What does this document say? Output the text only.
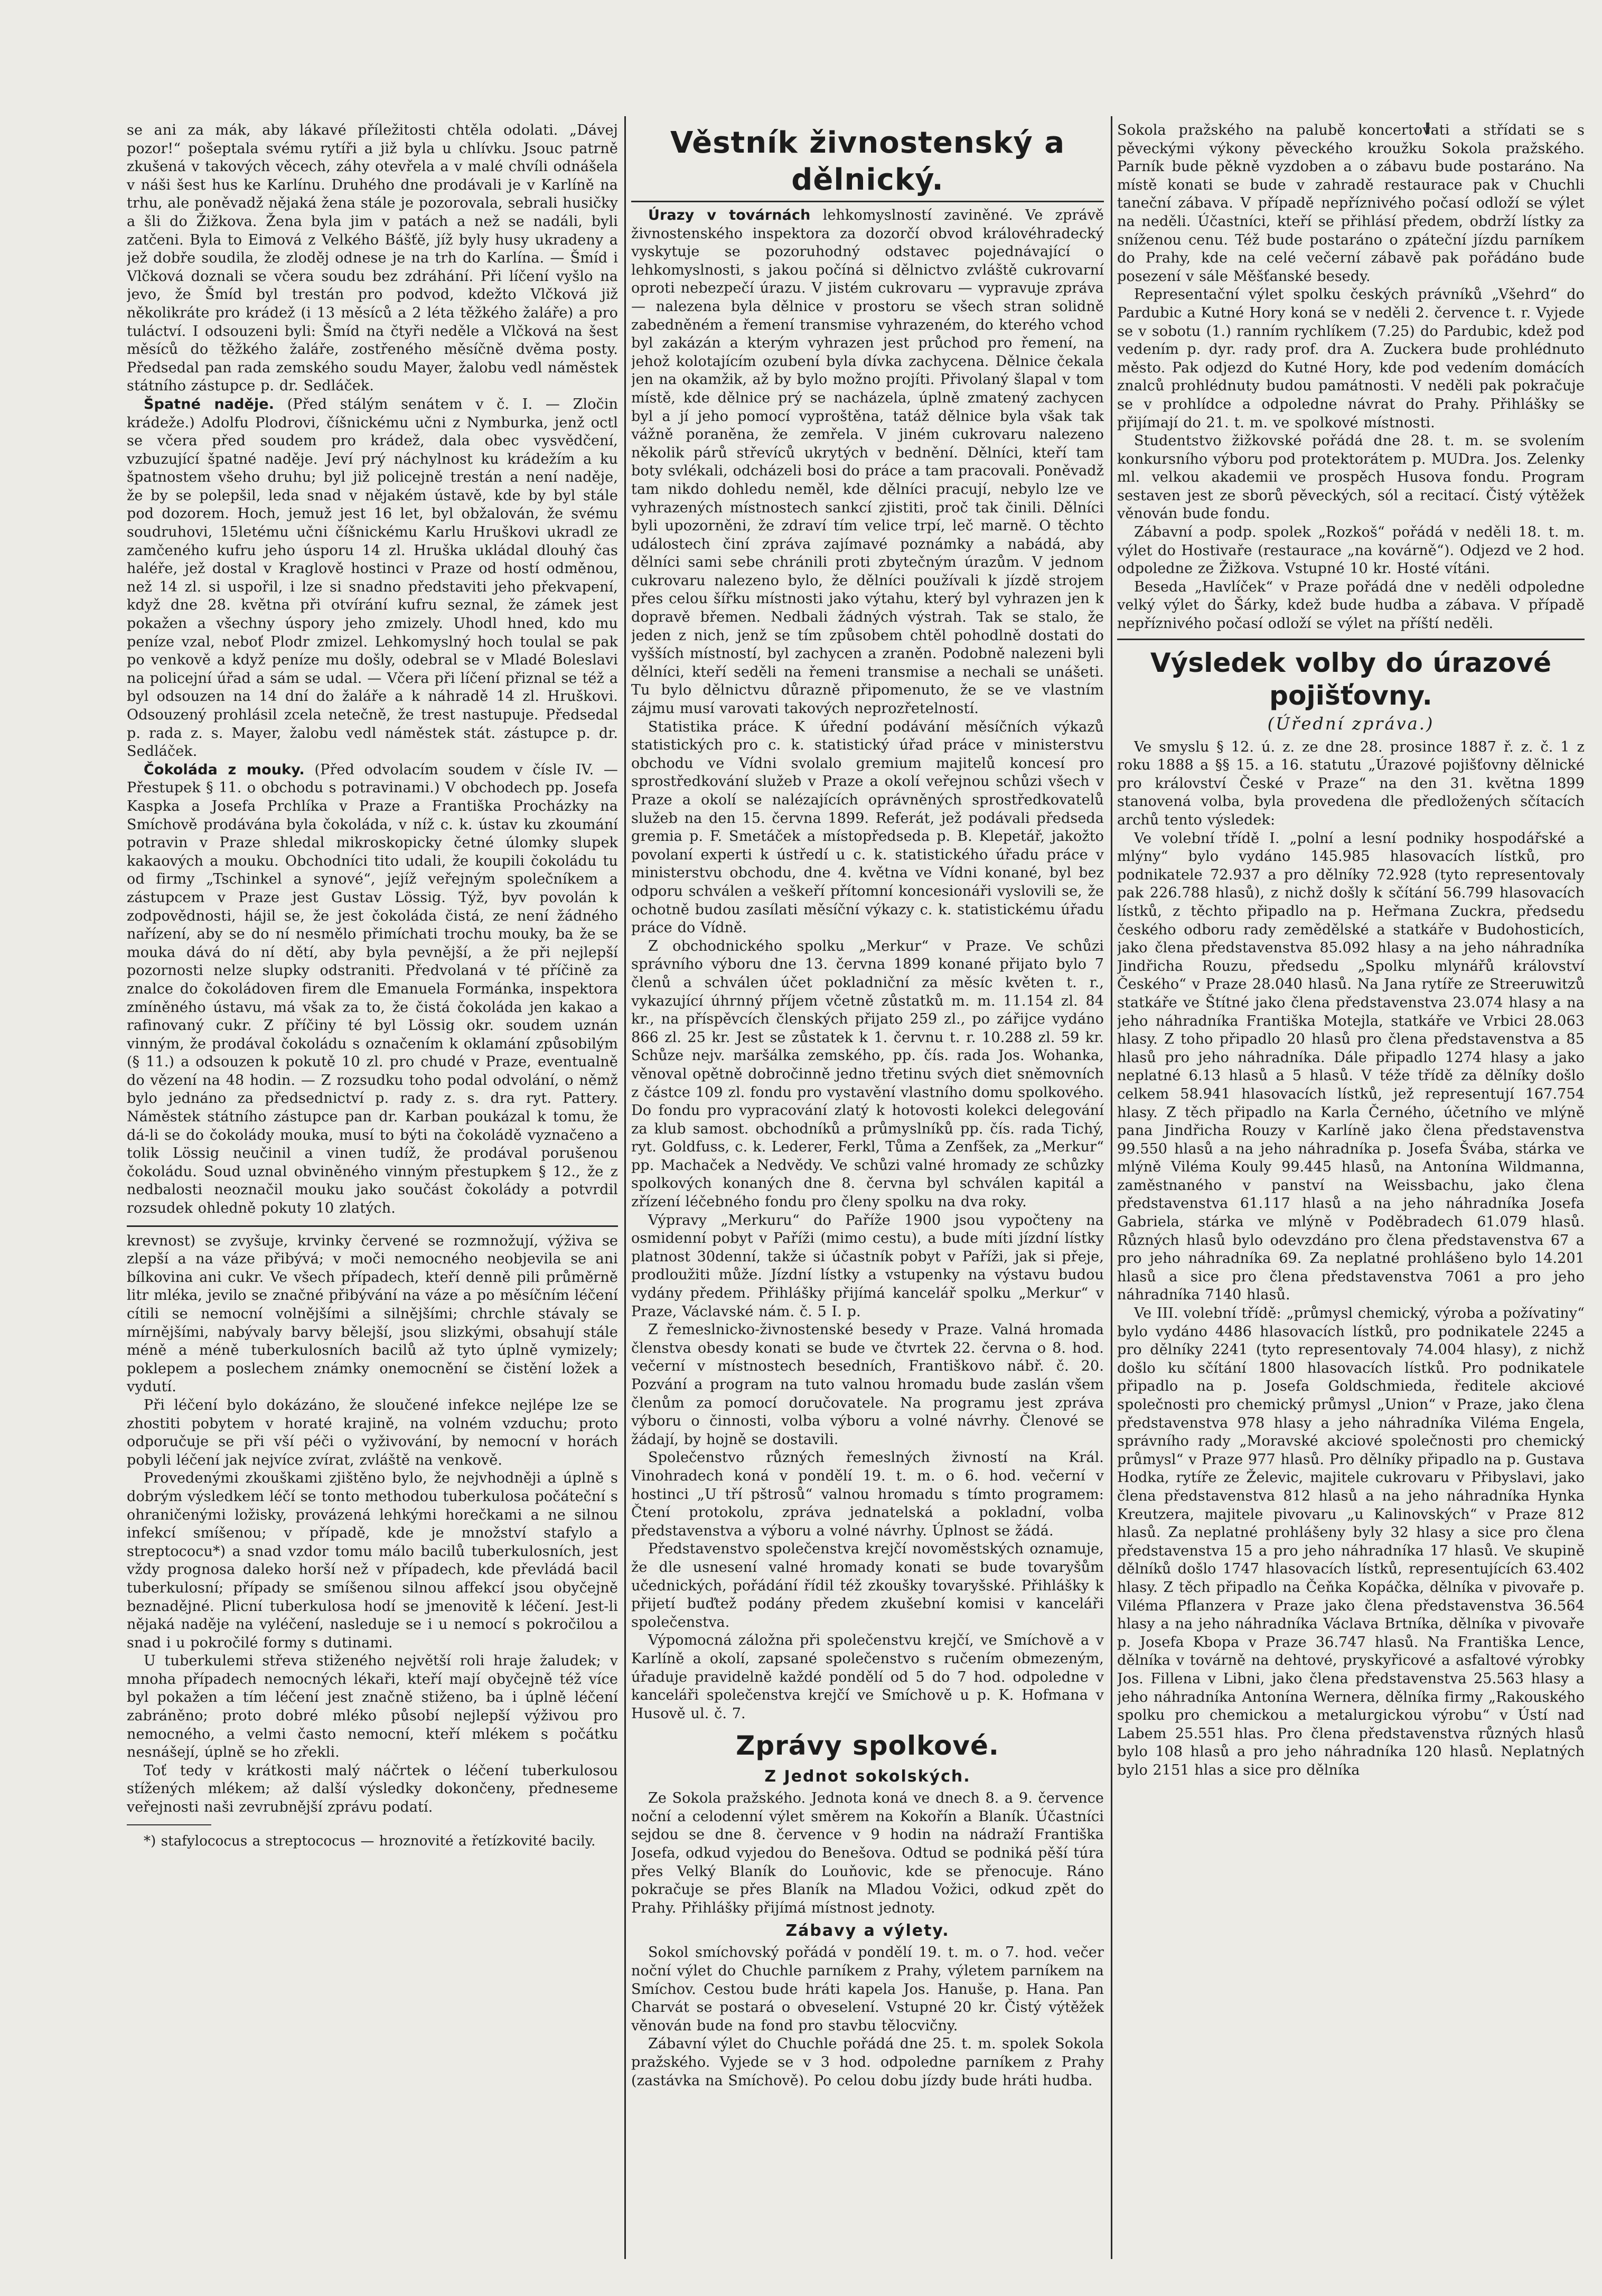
se ani za mák, aby lákavé příležitosti chtěla odolati. „Dávej pozor!“ pošeptala svému rytíři a již byla u chlívku. Jsouc patrně zkušená v takových věcech, záhy otevřela a v malé chvíli odnášela v náši šest hus ke Karlínu. Druhého dne prodávali je v Karlíně na trhu, ale poněvadž nějaká žena stále je pozorovala, sebrali husičky a šli do Žižkova. Žena byla jim v patách a než se nadáli, byli zatčeni. Byla to Eimová z Velkého Bášťě, jíž byly husy ukradeny a jež dobře soudila, že zloděj odnese je na trh do Karlína. — Šmíd i Vlčková doznali se včera soudu bez zdráhání. Při líčení vyšlo na jevo, že Šmíd byl trestán pro podvod, kdežto Vlčková již několikráte pro krádež (i 13 měsíců a 2 léta těžkého žaláře) a pro tuláctví. I odsouzeni byli: Šmíd na čtyři neděle a Vlčková na šest měsíců do těžkého žaláře, zostřeného měsíčně dvěma posty. Předsedal pan rada zemského soudu Mayer, žalobu vedl náměstek státního zástupce p. dr. Sedláček.

Špatné naděje. (Před stálým senátem v č. I. — Zločin krádeže.) Adolfu Plodrovi, číšnickému učni z Nymburka, jenž octl se včera před soudem pro krádež, dala obec vysvědčení, vzbuzující špatné naděje. Jeví prý náchylnost ku krádežím a ku špatnostem všeho druhu; byl již policejně trestán a není naděje, že by se polepšil, leda snad v nějakém ústavě, kde by byl stále pod dozorem. Hoch, jemuž jest 16 let, byl obžalován, že svému soudruhovi, 15letému učni číšnickému Karlu Hruškovi ukradl ze zamčeného kufru jeho úsporu 14 zl. Hruška ukládal dlouhý čas haléře, jež dostal v Kraglově hostinci v Praze od hostí odměnou, než 14 zl. si uspořil, i lze si snadno představiti jeho překvapení, když dne 28. května při otvírání kufru seznal, že zámek jest pokažen a všechny úspory jeho zmizely. Uhodl hned, kdo mu peníze vzal, neboť Plodr zmizel. Lehkomyslný hoch toulal se pak po venkově a když peníze mu došly, odebral se v Mladé Boleslavi na policejní úřad a sám se udal. — Včera při líčení přiznal se též a byl odsouzen na 14 dní do žaláře a k náhradě 14 zl. Hruškovi. Odsouzený prohlásil zcela netečně, že trest nastupuje. Předsedal p. rada z. s. Mayer, žalobu vedl náměstek stát. zástupce p. dr. Sedláček.

Čokoláda z mouky. (Před odvolacím soudem v čísle IV. — Přestupek § 11. o obchodu s potravinami.) V obchodech pp. Josefa Kaspka a Josefa Prchlíka v Praze a Františka Procházky na Smíchově prodávána byla čokoláda, v níž c. k. ústav ku zkoumání potravin v Praze shledal mikroskopicky četné úlomky slupek kakaových a mouku. Obchodníci tito udali, že koupili čokoládu tu od firmy „Tschinkel a synové“, jejíž veřejným společníkem a zástupcem v Praze jest Gustav Lössig. Týž, byv povolán k zodpovědnosti, hájil se, že jest čokoláda čistá, ze není žádného nařízení, aby se do ní nesmělo přimíchati trochu mouky, ba že se mouka dává do ní dětí, aby byla pevnější, a že při nejlepší pozornosti nelze slupky odstraniti. Předvolaná v té příčině za znalce do čokoládoven firem dle Emanuela Formánka, inspektora zmíněného ústavu, má však za to, že čistá čokoláda jen kakao a rafinovaný cukr. Z příčiny té byl Lössig okr. soudem uznán vinným, že prodával čokoládu s označením k oklamání způsobilým (§ 11.) a odsouzen k pokutě 10 zl. pro chudé v Praze, eventualně do vězení na 48 hodin. — Z rozsudku toho podal odvolání, o němž bylo jednáno za předsednictví p. rady z. s. dra ryt. Pattery. Náměstek státního zástupce pan dr. Karban poukázal k tomu, že dá-li se do čokolády mouka, musí to býti na čokoládě vyznačeno a tolik Lössig neučinil a vinen tudíž, že prodával porušenou čokoládu. Soud uznal obviněného vinným přestupkem § 12., že z nedbalosti neoznačil mouku jako součást čokolády a potvrdil rozsudek ohledně pokuty 10 zlatých.

krevnost) se zvyšuje, krvinky červené se rozmnožují, výživa se zlepší a na váze přibývá; v moči nemocného neobjevila se ani bílkovina ani cukr. Ve všech případech, kteří denně pili průměrně litr mléka, jevilo se značné přibývání na váze a po měsíčním léčení cítili se nemocní volnějšími a silnějšími; chrchle stávaly se mírnějšími, nabývaly barvy bělejší, jsou slizkými, obsahují stále méně a méně tuberkulosních bacilů až tyto úplně vymizely; poklepem a poslechem známky onemocnění se čistění ložek a vydutí.

Při léčení bylo dokázáno, že sloučené infekce nejlépe lze se zhostiti pobytem v horaté krajině, na volném vzduchu; proto odporučuje se při vší péči o vyživování, by nemocní v horách pobyli léčení jak nejvíce zvírat, zvláště na venkově.

Provedenými zkouškami zjištěno bylo, že nejvhodněji a úplně s dobrým výsledkem léčí se tonto methodou tuberkulosa počáteční s ohraničenými ložisky, provázená lehkými horečkami a ne silnou infekcí smíšenou; v případě, kde je množství stafylo a streptococu*) a snad vzdor tomu málo bacilů tuberkulosních, jest vždy prognosa daleko horší než v případech, kde převládá bacil tuberkulosní; případy se smíšenou silnou affekcí jsou obyčejně beznadějné. Plicní tuberkulosa hodí se jmenovitě k léčení. Jest-li nějaká naděje na vyléčení, nasleduje se i u nemocí s pokročilou a snad i u pokročilé formy s dutinami.

U tuberkulemi střeva stiženého největší roli hraje žaludek; v mnoha případech nemocných lékaři, kteří mají obyčejně též více byl pokažen a tím léčení jest značně stiženo, ba i úplně léčení zabráněno; proto dobré mléko působí nejlepší výživou pro nemocného, a velmi často nemocní, kteří mlékem s počátku nesnášejí, úplně se ho zřekli.

Toť tedy v krátkosti malý náčrtek o léčení tuberkulosou stížených mlékem; až další výsledky dokončeny, předneseme veřejnosti naši zevrubnější zprávu podatí.

*) stafylococus a streptococus — hroznovité a řetízkovité bacily.

Věstník živnostenský a dělnický.

Úrazy v továrnách lehkomyslností zaviněné. Ve zprávě živnostenského inspektora za dozorčí obvod královéhradecký vyskytuje se pozoruhodný odstavec pojednávající o lehkomyslnosti, s jakou počíná si dělnictvo zvláště cukrovarní oproti nebezpečí úrazu. V jistém cukrovaru — vypravuje zpráva — nalezena byla dělnice v prostoru se všech stran solidně zabedněném a řemení transmise vyhrazeném, do kterého vchod byl zakázán a kterým vyhrazen jest průchod pro řemení, na jehož kolotajícím ozubení byla dívka zachycena. Dělnice čekala jen na okamžik, až by bylo možno projíti. Přivolaný šlapal v tom místě, kde dělnice prý se nacházela, úplně zmatený zachycen byl a jí jeho pomocí vyproštěna, tatáž dělnice byla však tak vážně poraněna, že zemřela. V jiném cukrovaru nalezeno několik párů střevíců ukrytých v bednění. Dělníci, kteří tam boty svlékali, odcházeli bosi do práce a tam pracovali. Poněvadž tam nikdo dohledu neměl, kde dělníci pracují, nebylo lze ve vyhrazených místnostech sankcí zjistiti, proč tak činili. Dělníci byli upozorněni, že zdraví tím velice trpí, leč marně. O těchto událostech činí zpráva zajímavé poznámky a nabádá, aby dělníci sami sebe chránili proti zbytečným úrazům. V jednom cukrovaru nalezeno bylo, že dělníci používali k jízdě strojem přes celou šířku místnosti jako výtahu, který byl vyhrazen jen k dopravě břemen. Nedbali žádných výstrah. Tak se stalo, že jeden z nich, jenž se tím způsobem chtěl pohodlně dostati do vyšších místností, byl zachycen a zraněn. Podobně nalezeni byli dělníci, kteří seděli na řemeni transmise a nechali se unášeti. Tu bylo dělnictvu důrazně připomenuto, že se ve vlastním zájmu musí varovati takových neprozřetelností.

Statistika práce. K úřední podávání měsíčních výkazů statistických pro c. k. statistický úřad práce v ministerstvu obchodu ve Vídni svolalo gremium majitelů koncesí pro sprostředkování služeb v Praze a okolí veřejnou schůzi všech v Praze a okolí se nalézajících oprávněných sprostředkovatelů služeb na den 15. června 1899. Referát, jež podávali předseda gremia p. F. Smetáček a místopředseda p. B. Klepetář, jakožto povolaní experti k ústředí u c. k. statistického úřadu práce v ministerstvu obchodu, dne 4. května ve Vídni konané, byl bez odporu schválen a veškeří přítomní koncesionáři vyslovili se, že ochotně budou zasílati měsíční výkazy c. k. statistickému úřadu práce do Vídně.

Z obchodnického spolku „Merkur“ v Praze. Ve schůzi správního výboru dne 13. června 1899 konané přijato bylo 7 členů a schválen účet pokladniční za měsíc květen t. r., vykazující úhrnný příjem včetně zůstatků m. m. 11.154 zl. 84 kr., na příspěvcích členských přijato 259 zl., po zářijce vydáno 866 zl. 25 kr. Jest se zůstatek k 1. červnu t. r. 10.288 zl. 59 kr. Schůze nejv. maršálka zemského, pp. čís. rada Jos. Wohanka, věnoval opětně dobročinně jedno třetinu svých diet sněmovních z částce 109 zl. fondu pro vystavění vlastního domu spolkového. Do fondu pro vypracování zlatý k hotovosti kolekci delegování za klub samost. obchodníků a průmyslníků pp. čís. rada Tichý, ryt. Goldfuss, c. k. Lederer, Ferkl, Tůma a Zenfšek, za „Merkur“ pp. Machaček a Nedvědy. Ve schůzi valné hromady ze schůzky spolkových konaných dne 8. června byl schválen kapitál a zřízení léčebného fondu pro členy spolku na dva roky.

Výpravy „Merkuru“ do Paříže 1900 jsou vypočteny na osmidenní pobyt v Paříži (mimo cestu), a bude míti jízdní lístky platnost 30denní, takže si účastník pobyt v Paříži, jak si přeje, prodloužiti může. Jízdní lístky a vstupenky na výstavu budou vydány předem. Přihlášky přijímá kancelář spolku „Merkur“ v Praze, Václavské nám. č. 5 I. p.

Z řemeslnicko-živnostenské besedy v Praze. Valná hromada členstva obesdy konati se bude ve čtvrtek 22. června o 8. hod. večerní v místnostech besedních, Františkovo nábř. č. 20. Pozvání a program na tuto valnou hromadu bude zaslán všem členům za pomocí doručovatele. Na programu jest zpráva výboru o činnosti, volba výboru a volné návrhy. Členové se žádají, by hojně se dostavili.

Společenstvo různých řemeslných živností na Král. Vinohradech koná v pondělí 19. t. m. o 6. hod. večerní v hostinci „U tří pštrosů“ valnou hromadu s tímto programem: Čtení protokolu, zpráva jednatelská a pokladní, volba představenstva a výboru a volné návrhy. Úplnost se žádá.

Představenstvo společenstva krejčí novoměstských oznamuje, že dle usnesení valné hromady konati se bude tovaryšům učednických, pořádání řídil též zkoušky tovaryšské. Přihlášky k přijetí buďtež podány předem zkušební komisi v kanceláři společenstva.

Výpomocná záložna při společenstvu krejčí, ve Smíchově a v Karlíně a okolí, zapsané společenstvo s ručením obmezeným, úřaduje pravidelně každé pondělí od 5 do 7 hod. odpoledne v kanceláři společenstva krejčí ve Smíchově u p. K. Hofmana v Husově ul. č. 7.

Zprávy spolkové.
Z Jednot sokolských.

Ze Sokola pražského. Jednota koná ve dnech 8. a 9. července noční a celodenní výlet směrem na Kokořín a Blaník. Účastníci sejdou se dne 8. července v 9 hodin na nádraží Františka Josefa, odkud vyjedou do Benešova. Odtud se podniká pěší túra přes Velký Blaník do Louňovic, kde se přenocuje. Ráno pokračuje se přes Blaník na Mladou Vožici, odkud zpět do Prahy. Přihlášky přijímá místnost jednoty.

Zábavy a výlety.

Sokol smíchovský pořádá v pondělí 19. t. m. o 7. hod. večer noční výlet do Chuchle parníkem z Prahy, výletem parníkem na Smíchov. Cestou bude hráti kapela Jos. Hanuše, p. Hana. Pan Charvát se postará o obveselení. Vstupné 20 kr. Čistý výtěžek věnován bude na fond pro stavbu tělocvičny.

Zábavní výlet do Chuchle pořádá dne 25. t. m. spolek Sokola pražského. Vyjede se v 3 hod. odpoledne parníkem z Prahy (zastávka na Smíchově). Po celou dobu jízdy bude hráti hudba.

Sokola pražského na palubě koncertovati a střídati se s pěveckými výkony pěveckého kroužku Sokola pražského. Parník bude pěkně vyzdoben a o zábavu bude postaráno. Na místě konati se bude v zahradě restaurace pak v Chuchli taneční zábava. V případě nepříznivého počasí odloží se výlet na neděli. Účastníci, kteří se přihlásí předem, obdrží lístky za sníženou cenu. Též bude postaráno o zpáteční jízdu parníkem do Prahy, kde na celé večerní zábavě pak pořádáno bude posezení v sále Měšťanské besedy.

Representační výlet spolku českých právníků „Všehrd“ do Pardubic a Kutné Hory koná se v neděli 2. července t. r. Vyjede se v sobotu (1.) ranním rychlíkem (7.25) do Pardubic, kdež pod vedením p. dyr. rady prof. dra A. Zuckera bude prohlédnuto město. Pak odjezd do Kutné Hory, kde pod vedením domácích znalců prohlédnuty budou památnosti. V neděli pak pokračuje se v prohlídce a odpoledne návrat do Prahy. Přihlášky se přijímají do 21. t. m. ve spolkové místnosti.

Studentstvo žižkovské pořádá dne 28. t. m. se svolením konkursního výboru pod protektorátem p. MUDra. Jos. Zelenky ml. velkou akademii ve prospěch Husova fondu. Program sestaven jest ze sborů pěveckých, sól a recitací. Čistý výtěžek věnován bude fondu.

Zábavní a podp. spolek „Rozkoš“ pořádá v neděli 18. t. m. výlet do Hostivaře (restaurace „na kovárně“). Odjezd ve 2 hod. odpoledne ze Žižkova. Vstupné 10 kr. Hosté vítáni.

Beseda „Havlíček“ v Praze pořádá dne v neděli odpoledne velký výlet do Šárky, kdež bude hudba a zábava. V případě nepříznivého počasí odloží se výlet na příští neděli.

Výsledek volby do úrazové pojišťovny.
(Úřední zpráva.)

Ve smyslu § 12. ú. z. ze dne 28. prosince 1887 ř. z. č. 1 z roku 1888 a §§ 15. a 16. statutu „Úrazové pojišťovny dělnické pro království České v Praze“ na den 31. května 1899 stanovená volba, byla provedena dle předložených sčítacích archů tento výsledek:

Ve volební třídě I. „polní a lesní podniky hospodářské a mlýny“ bylo vydáno 145.985 hlasovacích lístků, pro podnikatele 72.937 a pro dělníky 72.928 (tyto representovaly pak 226.788 hlasů), z nichž došly k sčítání 56.799 hlasovacích lístků, z těchto připadlo na p. Heřmana Zuckra, předsedu českého odboru rady zemědělské a statkáře v Budohosticích, jako člena představenstva 85.092 hlasy a na jeho náhradníka Jindřicha Rouzu, předsedu „Spolku mlynářů království Českého“ v Praze 28.040 hlasů. Na Jana rytíře ze Streeruwitzů statkáře ve Štítné jako člena představenstva 23.074 hlasy a na jeho náhradníka Františka Motejla, statkáře ve Vrbici 28.063 hlasy. Z toho připadlo 20 hlasů pro člena představenstva a 85 hlasů pro jeho náhradníka. Dále připadlo 1274 hlasy a jako neplatné 6.13 hlasů a 5 hlasů. V téže třídě za dělníky došlo celkem 58.941 hlasovacích lístků, jež representují 167.754 hlasy. Z těch připadlo na Karla Černého, účetního ve mlýně pana Jindřicha Rouzy v Karlíně jako člena představenstva 99.550 hlasů a na jeho náhradníka p. Josefa Švába, stárka ve mlýně Viléma Kouly 99.445 hlasů, na Antonína Wildmanna, zaměstnaného v panství na Weissbachu, jako člena představenstva 61.117 hlasů a na jeho náhradníka Josefa Gabriela, stárka ve mlýně v Poděbradech 61.079 hlasů. Různých hlasů bylo odevzdáno pro člena představenstva 67 a pro jeho náhradníka 69. Za neplatné prohlášeno bylo 14.201 hlasů a sice pro člena představenstva 7061 a pro jeho náhradníka 7140 hlasů.

Ve III. volební třídě: „průmysl chemický, výroba a požívatiny“ bylo vydáno 4486 hlasovacích lístků, pro podnikatele 2245 a pro dělníky 2241 (tyto representovaly 74.004 hlasy), z nichž došlo ku sčítání 1800 hlasovacích lístků. Pro podnikatele připadlo na p. Josefa Goldschmieda, ředitele akciové společnosti pro chemický průmysl „Union“ v Praze, jako člena představenstva 978 hlasy a jeho náhradníka Viléma Engela, správního rady „Moravské akciové společnosti pro chemický průmysl“ v Praze 977 hlasů. Pro dělníky připadlo na p. Gustava Hodka, rytíře ze Želevic, majitele cukrovaru v Přibyslavi, jako člena představenstva 812 hlasů a na jeho náhradníka Hynka Kreutzera, majitele pivovaru „u Kalinovských“ v Praze 812 hlasů. Za neplatné prohlášeny byly 32 hlasy a sice pro člena představenstva 15 a pro jeho náhradníka 17 hlasů. Ve skupině dělníků došlo 1747 hlasovacích lístků, representujících 63.402 hlasy. Z těch připadlo na Čeňka Kopáčka, dělníka v pivovaře p. Viléma Pflanzera v Praze jako člena představenstva 36.564 hlasy a na jeho náhradníka Václava Brtníka, dělníka v pivovaře p. Josefa Kbopa v Praze 36.747 hlasů. Na Františka Lence, dělníka v továrně na dehtové, pryskyřicové a asfaltové výrobky Jos. Fillena v Libni, jako člena představenstva 25.563 hlasy a jeho náhradníka Antonína Wernera, dělníka firmy „Rakouského spolku pro chemickou a metalurgickou výrobu“ v Ústí nad Labem 25.551 hlas. Pro člena představenstva různých hlasů bylo 108 hlasů a pro jeho náhradníka 120 hlasů. Neplatných bylo 2151 hlas a sice pro dělníka
